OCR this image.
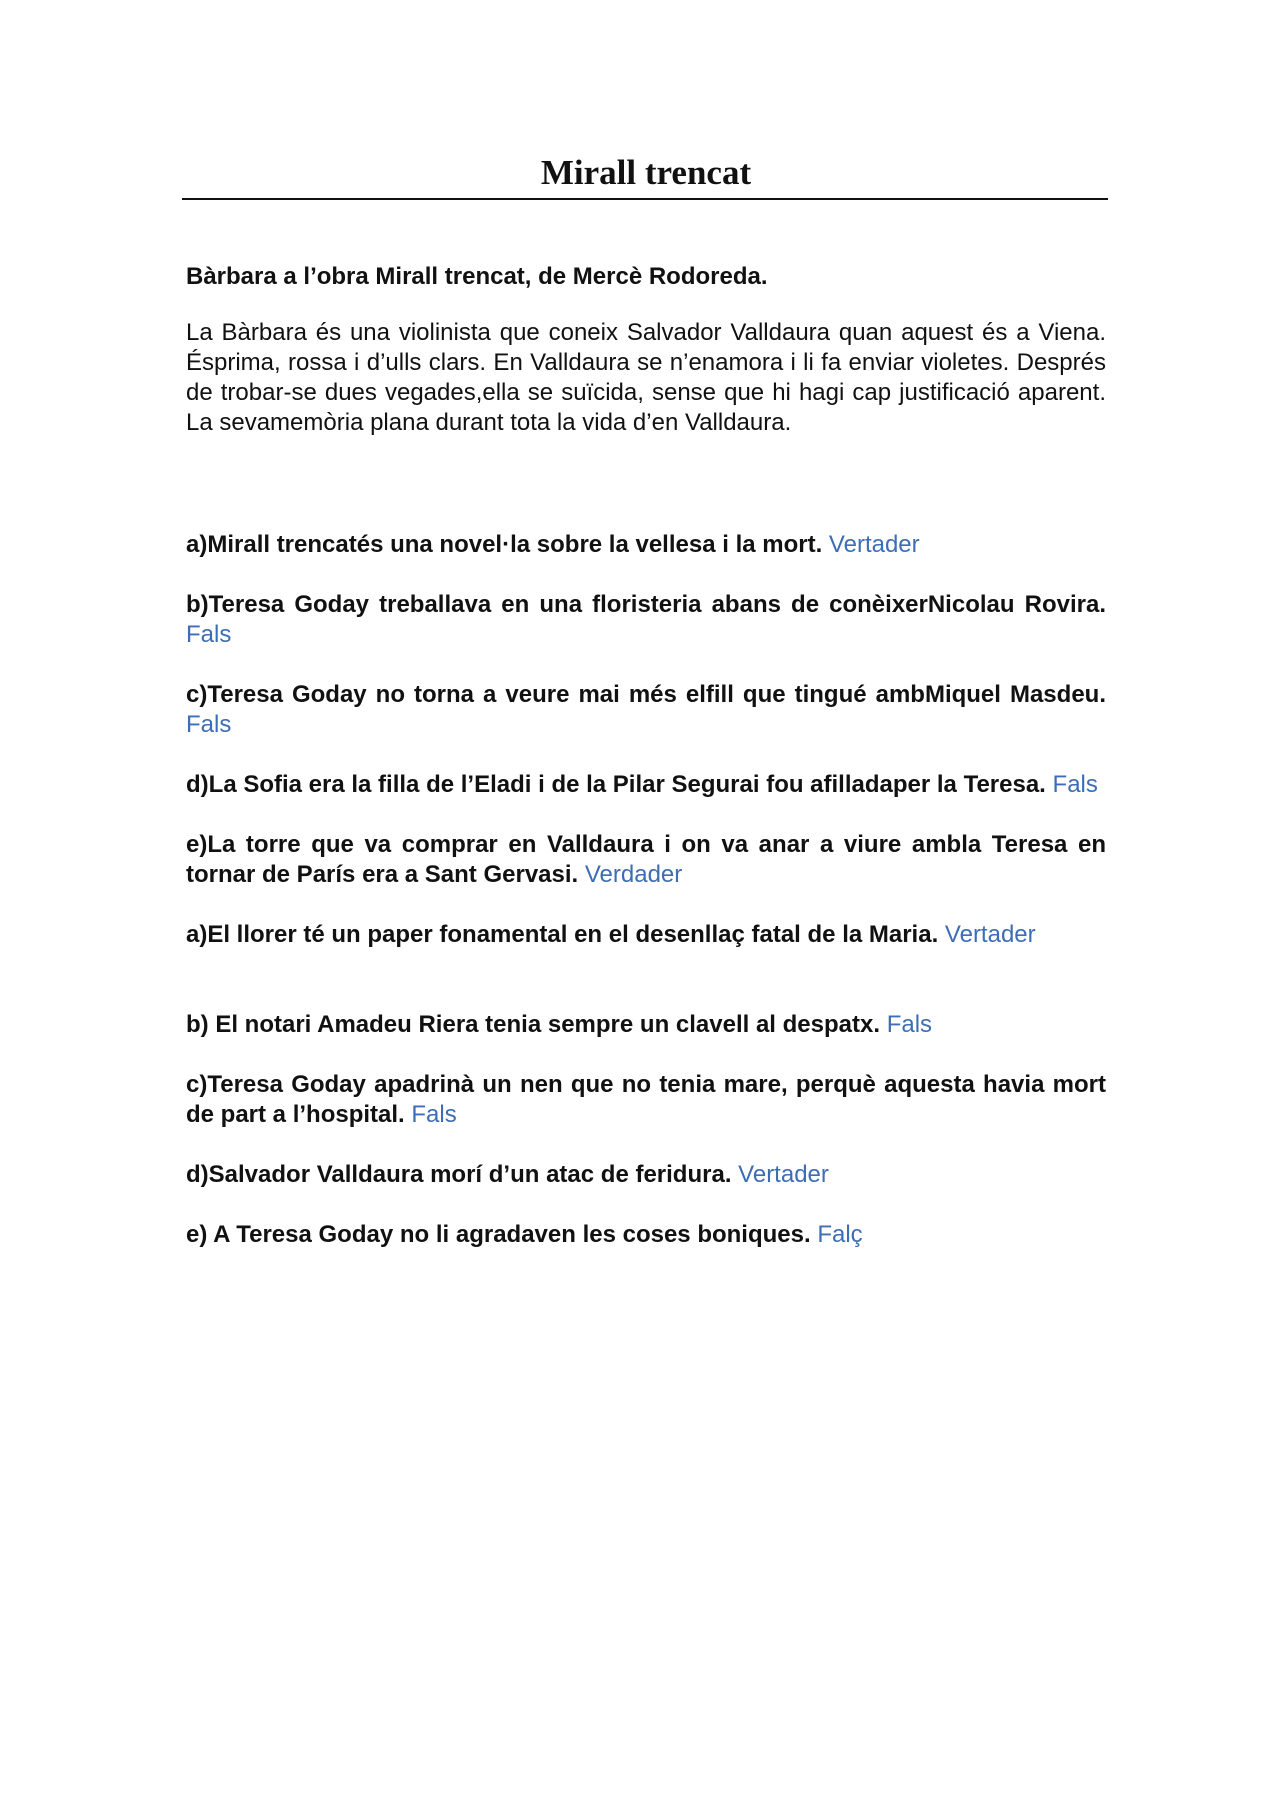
Mirall trencat

Bàrbara a l’obra Mirall trencat, de Mercè Rodoreda.

La Bàrbara és una violinista que coneix Salvador Valldaura quan aquest és a Viena. Ésprima, rossa i d’ulls clars. En Valldaura se n’enamora i li fa enviar violetes. Després de trobar-se dues vegades,ella se suïcida, sense que hi hagi cap justificació aparent. La sevamemòria plana durant tota la vida d’en Valldaura.

a)Mirall trencatés una novel·la sobre la vellesa i la mort. Vertader
b)Teresa Goday treballava en una floristeria abans de conèixerNicolau Rovira. Fals
c)Teresa Goday no torna a veure mai més elfill que tingué ambMiquel Masdeu. Fals
d)La Sofia era la filla de l’Eladi i de la Pilar Segurai fou afilladaper la Teresa. Fals
e)La torre que va comprar en Valldaura i on va anar a viure ambla Teresa en tornar de París era a Sant Gervasi. Verdader
a)El llorer té un paper fonamental en el desenllaç fatal de la Maria. Vertader
b) El notari Amadeu Riera tenia sempre un clavell al despatx. Fals
c)Teresa Goday apadrinà un nen que no tenia mare, perquè aquesta havia mort de part a l’hospital. Fals
d)Salvador Valldaura morí d’un atac de feridura. Vertader
e) A Teresa Goday no li agradaven les coses boniques. Falç
